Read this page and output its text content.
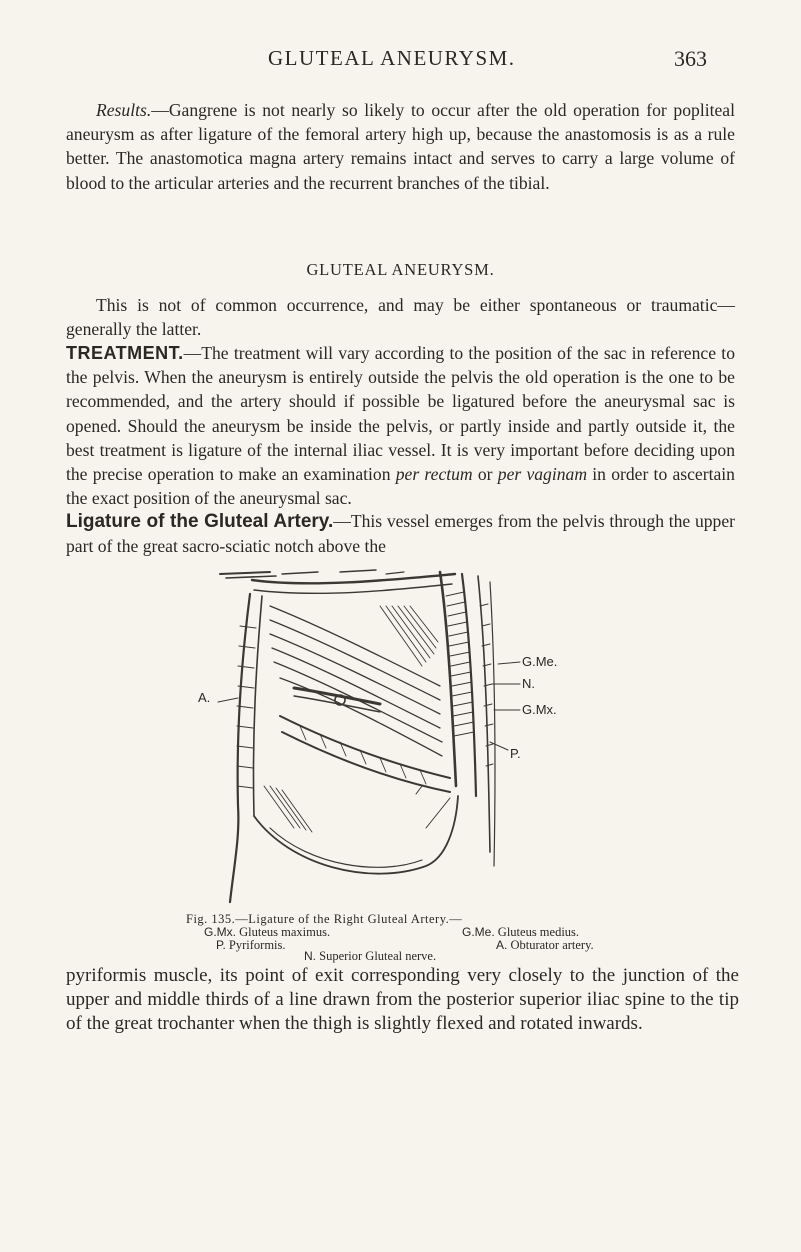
GLUTEAL ANEURYSM.	363

Results.—Gangrene is not nearly so likely to occur after the old operation for popliteal aneurysm as after ligature of the femoral artery high up, because the anastomosis is as a rule better. The anastomotica magna artery remains intact and serves to carry a large volume of blood to the articular arteries and the recurrent branches of the tibial.

GLUTEAL ANEURYSM.

This is not of common occurrence, and may be either spontaneous or traumatic—generally the latter.

TREATMENT.—The treatment will vary according to the position of the sac in reference to the pelvis. When the aneurysm is entirely outside the pelvis the old operation is the one to be recommended, and the artery should if possible be ligatured before the aneurysmal sac is opened. Should the aneurysm be inside the pelvis, or partly inside and partly outside it, the best treatment is ligature of the internal iliac vessel. It is very important before deciding upon the precise operation to make an examination per rectum or per vaginam in order to ascertain the exact position of the aneurysmal sac.

Ligature of the Gluteal Artery.—This vessel emerges from the pelvis through the upper part of the great sacro-sciatic notch above the

A.
G.Me.
N.
G.Mx.
P.
Fig. 135.—Ligature of the Right Gluteal Artery.—
G.Mx. Gluteus maximus.
P. Pyriformis.
G.Me. Gluteus medius.
A. Obturator artery.
N. Superior Gluteal nerve.

pyriformis muscle, its point of exit corresponding very closely to the junction of the upper and middle thirds of a line drawn from the posterior superior iliac spine to the tip of the great trochanter when the thigh is slightly flexed and rotated inwards.
